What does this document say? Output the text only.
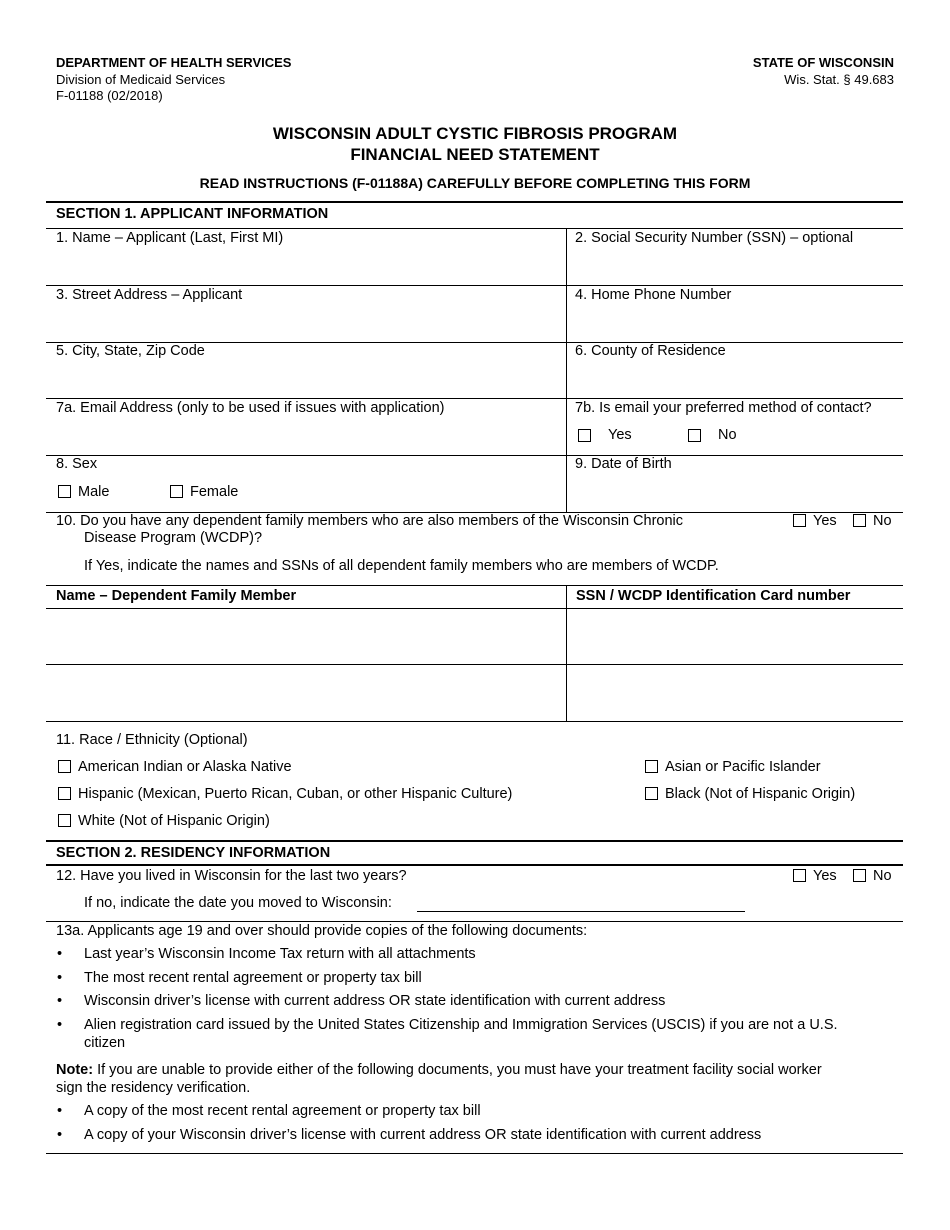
DEPARTMENT OF HEALTH SERVICES
Division of Medicaid Services
F-01188 (02/2018)
STATE OF WISCONSIN
Wis. Stat. § 49.683
WISCONSIN ADULT CYSTIC FIBROSIS PROGRAM
FINANCIAL NEED STATEMENT
READ INSTRUCTIONS (F-01188A) CAREFULLY BEFORE COMPLETING THIS FORM
SECTION 1. APPLICANT INFORMATION
1. Name – Applicant (Last, First MI)	2. Social Security Number (SSN) – optional
3. Street Address – Applicant	4. Home Phone Number
5. City, State, Zip Code	6. County of Residence
7a. Email Address (only to be used if issues with application)	7b. Is email your preferred method of contact?
Yes	No
8. Sex
Male	Female
9. Date of Birth
10. Do you have any dependent family members who are also members of the Wisconsin Chronic
Disease Program (WCDP)?
Yes	No
If Yes, indicate the names and SSNs of all dependent family members who are members of WCDP.
Name – Dependent Family Member	SSN / WCDP Identification Card number
11. Race / Ethnicity (Optional)
American Indian or Alaska Native	Asian or Pacific Islander
Hispanic (Mexican, Puerto Rican, Cuban, or other Hispanic Culture)	Black (Not of Hispanic Origin)
White (Not of Hispanic Origin)
SECTION 2. RESIDENCY INFORMATION
12. Have you lived in Wisconsin for the last two years?	Yes	No
If no, indicate the date you moved to Wisconsin:
13a. Applicants age 19 and over should provide copies of the following documents:
• Last year’s Wisconsin Income Tax return with all attachments
• The most recent rental agreement or property tax bill
• Wisconsin driver’s license with current address OR state identification with current address
• Alien registration card issued by the United States Citizenship and Immigration Services (USCIS) if you are not a U.S.
citizen
Note: If you are unable to provide either of the following documents, you must have your treatment facility social worker
sign the residency verification.
• A copy of the most recent rental agreement or property tax bill
• A copy of your Wisconsin driver’s license with current address OR state identification with current address
